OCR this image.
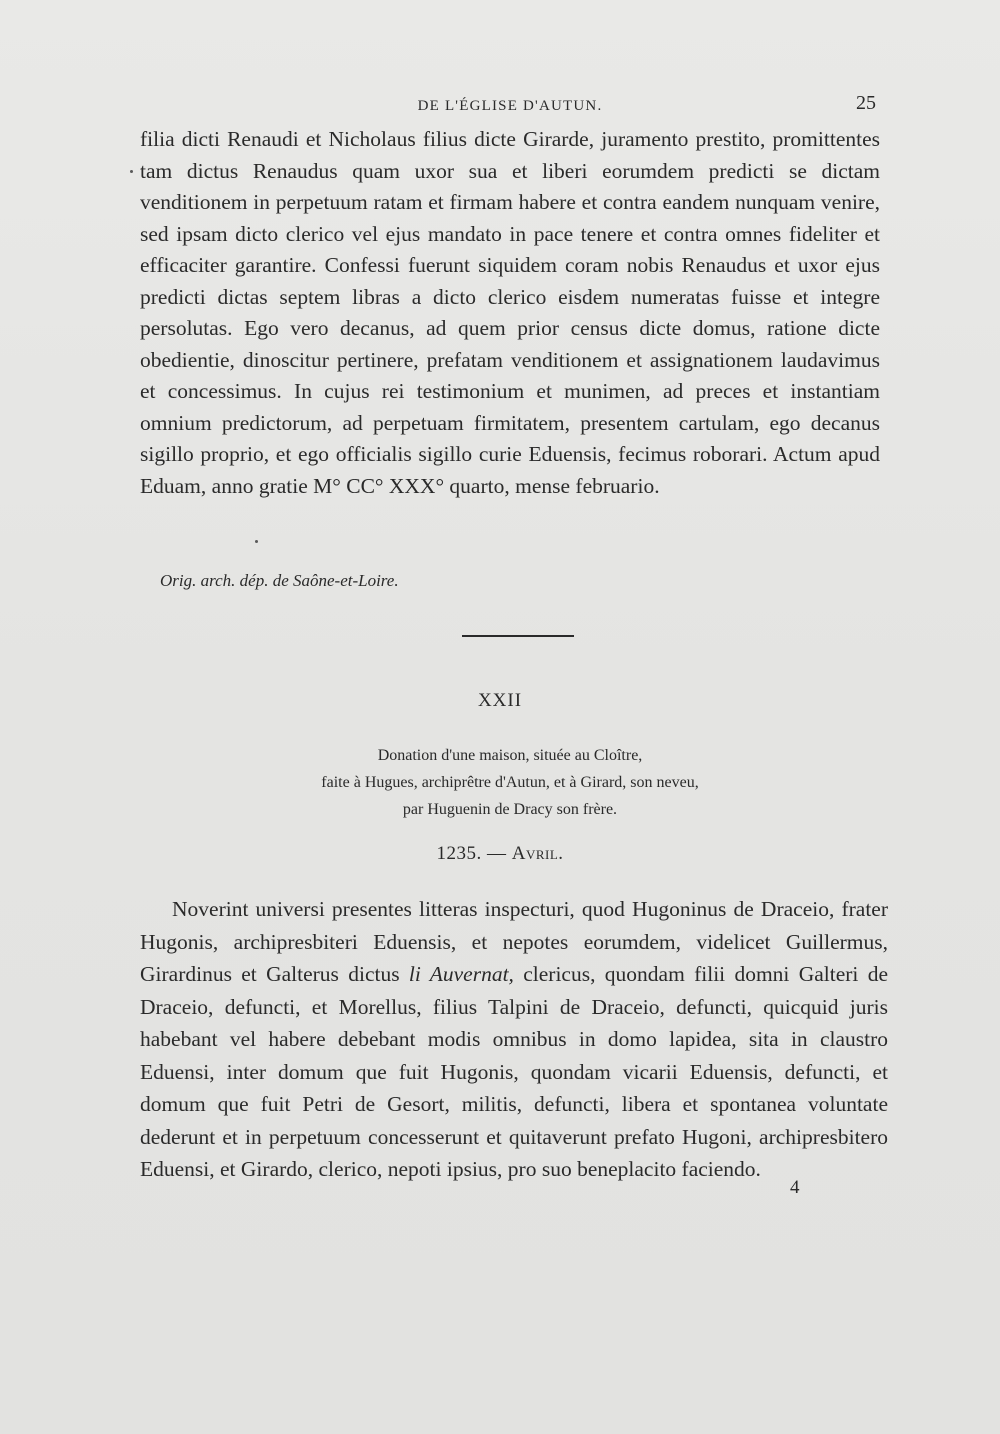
DE L'ÉGLISE D'AUTUN.	25

filia dicti Renaudi et Nicholaus filius dicte Girarde, juramento prestito, promittentes tam dictus Renaudus quam uxor sua et liberi eorumdem predicti se dictam venditionem in perpetuum ratam et firmam habere et contra eandem nunquam venire, sed ipsam dicto clerico vel ejus mandato in pace tenere et contra omnes fideliter et efficaciter garantire. Confessi fuerunt siquidem coram nobis Renaudus et uxor ejus predicti dictas septem libras a dicto clerico eisdem numeratas fuisse et integre persolutas. Ego vero decanus, ad quem prior census dicte domus, ratione dicte obedientie, dinoscitur pertinere, prefatam venditionem et assignationem laudavimus et concessimus. In cujus rei testimonium et munimen, ad preces et instantiam omnium predictorum, ad perpetuam firmitatem, presentem cartulam, ego decanus sigillo proprio, et ego officialis sigillo curie Eduensis, fecimus roborari. Actum apud Eduam, anno gratie M° CC° XXX° quarto, mense februario.

Orig. arch. dép. de Saône-et-Loire.
XXII
Donation d'une maison, située au Cloître,
faite à Hugues, archiprêtre d'Autun, et à Girard, son neveu,
par Huguenin de Dracy son frère.
1235. — Avril.

Noverint universi presentes litteras inspecturi, quod Hugoninus de Draceio, frater Hugonis, archipresbiteri Eduensis, et nepotes eorumdem, videlicet Guillermus, Girardinus et Galterus dictus li Auvernat, clericus, quondam filii domni Galteri de Draceio, defuncti, et Morellus, filius Talpini de Draceio, defuncti, quicquid juris habebant vel habere debebant modis omnibus in domo lapidea, sita in claustro Eduensi, inter domum que fuit Hugonis, quondam vicarii Eduensis, defuncti, et domum que fuit Petri de Gesort, militis, defuncti, libera et spontanea voluntate dederunt et in perpetuum concesserunt et quitaverunt prefato Hugoni, archipresbitero Eduensi, et Girardo, clerico, nepoti ipsius, pro suo beneplacito faciendo.

4
